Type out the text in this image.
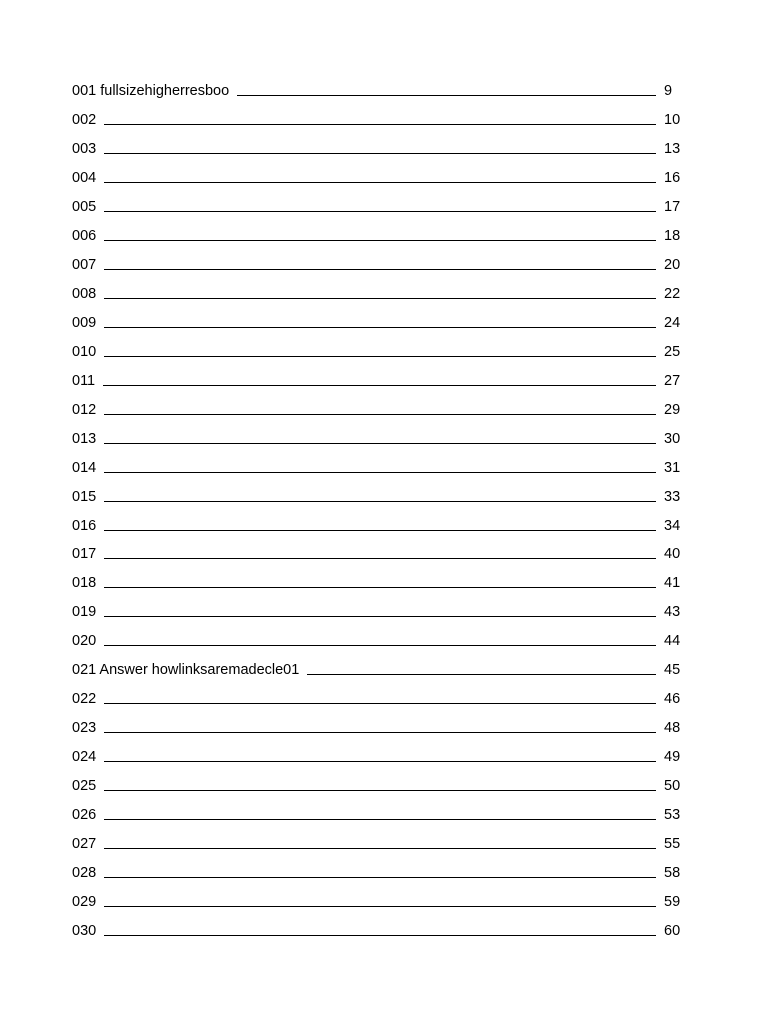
001 fullsizehigherresboo	9
002	10
003	13
004	16
005	17
006	18
007	20
008	22
009	24
010	25
011	27
012	29
013	30
014	31
015	33
016	34
017	40
018	41
019	43
020	44
021 Answer howlinksaremadecle01	45
022	46
023	48
024	49
025	50
026	53
027	55
028	58
029	59
030	60
